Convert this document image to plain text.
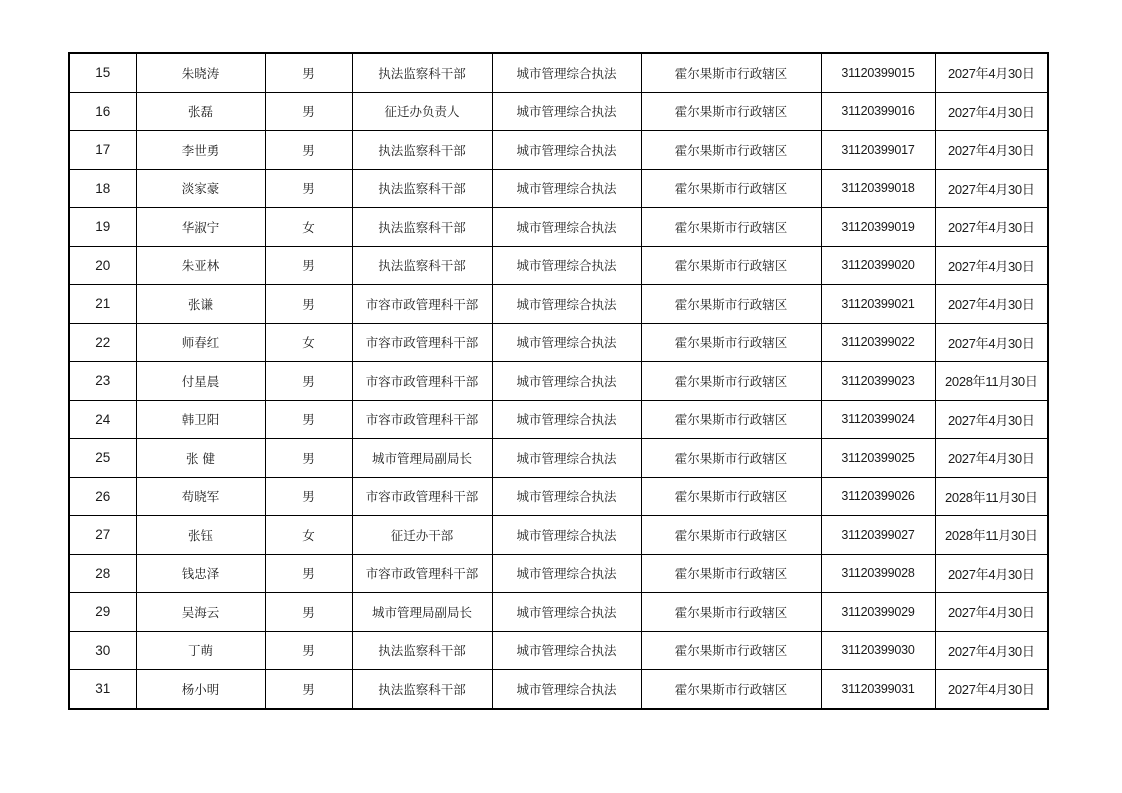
15	朱晓涛	男	执法监察科干部	城市管理综合执法	霍尔果斯市行政辖区	31120399015	2027年4月30日
16	张磊	男	征迁办负责人	城市管理综合执法	霍尔果斯市行政辖区	31120399016	2027年4月30日
17	李世勇	男	执法监察科干部	城市管理综合执法	霍尔果斯市行政辖区	31120399017	2027年4月30日
18	淡家豪	男	执法监察科干部	城市管理综合执法	霍尔果斯市行政辖区	31120399018	2027年4月30日
19	华淑宁	女	执法监察科干部	城市管理综合执法	霍尔果斯市行政辖区	31120399019	2027年4月30日
20	朱亚林	男	执法监察科干部	城市管理综合执法	霍尔果斯市行政辖区	31120399020	2027年4月30日
21	张谦	男	市容市政管理科干部	城市管理综合执法	霍尔果斯市行政辖区	31120399021	2027年4月30日
22	师春红	女	市容市政管理科干部	城市管理综合执法	霍尔果斯市行政辖区	31120399022	2027年4月30日
23	付星晨	男	市容市政管理科干部	城市管理综合执法	霍尔果斯市行政辖区	31120399023	2028年11月30日
24	韩卫阳	男	市容市政管理科干部	城市管理综合执法	霍尔果斯市行政辖区	31120399024	2027年4月30日
25	张 健	男	城市管理局副局长	城市管理综合执法	霍尔果斯市行政辖区	31120399025	2027年4月30日
26	苟晓军	男	市容市政管理科干部	城市管理综合执法	霍尔果斯市行政辖区	31120399026	2028年11月30日
27	张钰	女	征迁办干部	城市管理综合执法	霍尔果斯市行政辖区	31120399027	2028年11月30日
28	钱忠泽	男	市容市政管理科干部	城市管理综合执法	霍尔果斯市行政辖区	31120399028	2027年4月30日
29	吴海云	男	城市管理局副局长	城市管理综合执法	霍尔果斯市行政辖区	31120399029	2027年4月30日
30	丁萌	男	执法监察科干部	城市管理综合执法	霍尔果斯市行政辖区	31120399030	2027年4月30日
31	杨小明	男	执法监察科干部	城市管理综合执法	霍尔果斯市行政辖区	31120399031	2027年4月30日
